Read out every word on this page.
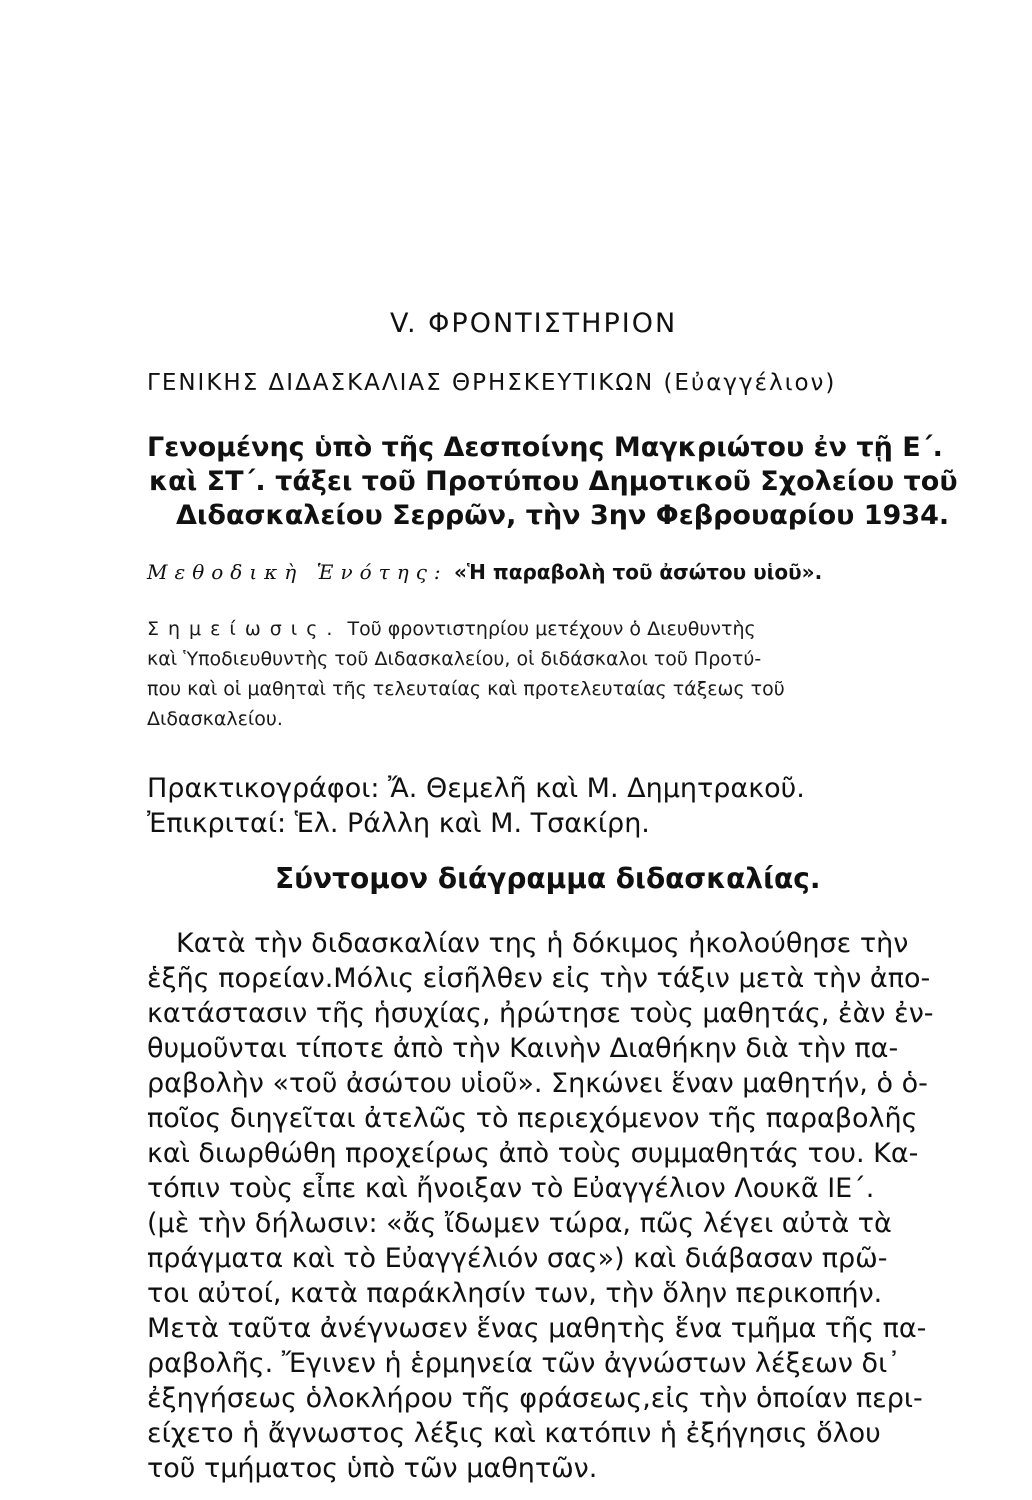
V. ΦΡΟΝΤΙΣΤΗΡΙΟΝ

ΓΕΝΙΚΗΣ ΔΙΔΑΣΚΑΛΙΑΣ ΘΡΗΣΚΕΥΤΙΚΩΝ (Εὐαγγέλιον)

Γενομένης ὑπὸ τῆς Δεσποίνης Μαγκριώτου ἐν τῇ Ε΄.

καὶ ΣΤ΄. τάξει τοῦ Προτύπου Δημοτικοῦ Σχολείου τοῦ

Διδασκαλείου Σερρῶν, τὴν 3ην Φεβρουαρίου 1934.

Μεθοδικὴ Ἑνότης: «Ἡ παραβολὴ τοῦ ἀσώτου υἱοῦ».

Σημείωσις. Τοῦ φροντιστηρίου μετέχουν ὁ Διευθυντὴς

καὶ Ὑποδιευθυντὴς τοῦ Διδασκαλείου, οἱ διδάσκαλοι τοῦ Προτύ-

που καὶ οἱ μαθηταὶ τῆς τελευταίας καὶ προτελευταίας τάξεως τοῦ

Διδασκαλείου.

Πρακτικογράφοι: Ἄ. Θεμελῆ καὶ Μ. Δημητρακοῦ.

Ἐπικριταί: Ἑλ. Ράλλη καὶ Μ. Τσακίρη.

Σύντομον διάγραμμα διδασκαλίας.

Κατὰ τὴν διδασκαλίαν της ἡ δόκιμος ἠκολούθησε τὴν

ἑξῆς πορείαν.Μόλις εἰσῆλθεν εἰς τὴν τάξιν μετὰ τὴν ἀπο-

κατάστασιν τῆς ἡσυχίας, ἠρώτησε τοὺς μαθητάς, ἐὰν ἐν-

θυμοῦνται τίποτε ἀπὸ τὴν Καινὴν Διαθήκην διὰ τὴν πα-

ραβολὴν «τοῦ ἀσώτου υἱοῦ». Σηκώνει ἕναν μαθητήν, ὁ ὁ-

ποῖος διηγεῖται ἀτελῶς τὸ περιεχόμενον τῆς παραβολῆς

καὶ διωρθώθη προχείρως ἀπὸ τοὺς συμμαθητάς του. Κα-

τόπιν τοὺς εἶπε καὶ ἤνοιξαν τὸ Εὐαγγέλιον Λουκᾶ ΙΕ΄.

(μὲ τὴν δήλωσιν: «ἄς ἴδωμεν τώρα, πῶς λέγει αὐτὰ τὰ

πράγματα καὶ τὸ Εὐαγγέλιόν σας») καὶ διάβασαν πρῶ-

τοι αὐτοί, κατὰ παράκλησίν των, τὴν ὅλην περικοπήν.

Μετὰ ταῦτα ἀνέγνωσεν ἕνας μαθητὴς ἕνα τμῆμα τῆς πα-

ραβολῆς. Ἔγινεν ἡ ἑρμηνεία τῶν ἀγνώστων λέξεων δι᾽

ἐξηγήσεως ὁλοκλήρου τῆς φράσεως,εἰς τὴν ὁποίαν περι-

είχετο ἡ ἄγνωστος λέξις καὶ κατόπιν ἡ ἐξήγησις ὅλου

τοῦ τμήματος ὑπὸ τῶν μαθητῶν.
